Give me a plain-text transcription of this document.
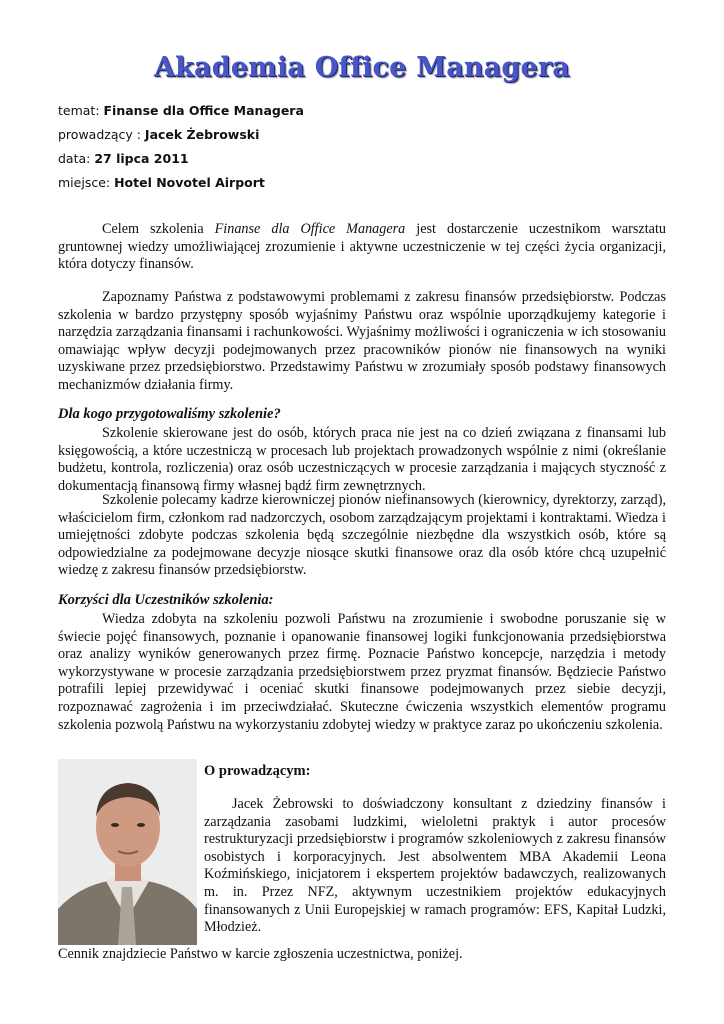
Akademia Office Managera
temat: Finanse dla Office Managera
prowadzący : Jacek Żebrowski
data: 27 lipca 2011
miejsce: Hotel Novotel Airport
Celem szkolenia Finanse dla Office Managera jest dostarczenie uczestnikom warsztatu gruntownej wiedzy umożliwiającej zrozumienie i aktywne uczestniczenie w tej części życia organizacji, która dotyczy finansów.
Zapoznamy Państwa z podstawowymi problemami z zakresu finansów przedsiębiorstw. Podczas szkolenia w bardzo przystępny sposób wyjaśnimy Państwu oraz wspólnie uporządkujemy kategorie i narzędzia zarządzania finansami i rachunkowości. Wyjaśnimy możliwości i ograniczenia w ich stosowaniu omawiając wpływ decyzji podejmowanych przez pracowników pionów nie finansowych na wyniki uzyskiwane przez przedsiębiorstwo. Przedstawimy Państwu w zrozumiały sposób podstawy finansowych mechanizmów działania firmy.
Dla kogo przygotowaliśmy szkolenie?
Szkolenie skierowane jest do osób, których praca nie jest na co dzień związana z finansami lub księgowością, a które uczestniczą w procesach lub projektach prowadzonych wspólnie z nimi (określanie budżetu, kontrola, rozliczenia) oraz osób uczestniczących w procesie zarządzania i mających styczność z dokumentacją finansową firmy własnej bądź firm zewnętrznych.
Szkolenie polecamy kadrze kierowniczej pionów niefinansowych (kierownicy, dyrektorzy, zarząd), właścicielom firm, członkom rad nadzorczych, osobom zarządzającym projektami i kontraktami. Wiedza i umiejętności zdobyte podczas szkolenia będą szczególnie niezbędne dla wszystkich osób, które są odpowiedzialne za podejmowane decyzje niosące skutki finansowe oraz dla osób które chcą uzupełnić wiedzę z zakresu finansów przedsiębiorstw.
Korzyści dla Uczestników szkolenia:
Wiedza zdobyta na szkoleniu pozwoli Państwu na zrozumienie i swobodne poruszanie się w świecie pojęć finansowych, poznanie i opanowanie finansowej logiki funkcjonowania przedsiębiorstwa oraz analizy wyników generowanych przez firmę. Poznacie Państwo koncepcje, narzędzia i metody wykorzystywane w procesie zarządzania przedsiębiorstwem przez pryzmat finansów. Będziecie Państwo potrafili lepiej przewidywać i oceniać skutki finansowe podejmowanych przez siebie decyzji, rozpoznawać zagrożenia i im przeciwdziałać. Skuteczne ćwiczenia wszystkich elementów programu szkolenia pozwolą Państwu na wykorzystaniu zdobytej wiedzy w praktyce zaraz po ukończeniu szkolenia.
O prowadzącym:
Jacek Żebrowski to doświadczony konsultant z dziedziny finansów i zarządzania zasobami ludzkimi, wieloletni praktyk i autor procesów restrukturyzacji przedsiębiorstw i programów szkoleniowych z zakresu finansów osobistych i korporacyjnych. Jest absolwentem MBA Akademii Leona Koźmińskiego, inicjatorem i ekspertem projektów badawczych, realizowanych m. in. Przez NFZ, aktywnym uczestnikiem projektów edukacyjnych finansowanych z Unii Europejskiej w ramach programów: EFS, Kapitał Ludzki, Młodzież.
Cennik znajdziecie Państwo w karcie zgłoszenia uczestnictwa, poniżej.
